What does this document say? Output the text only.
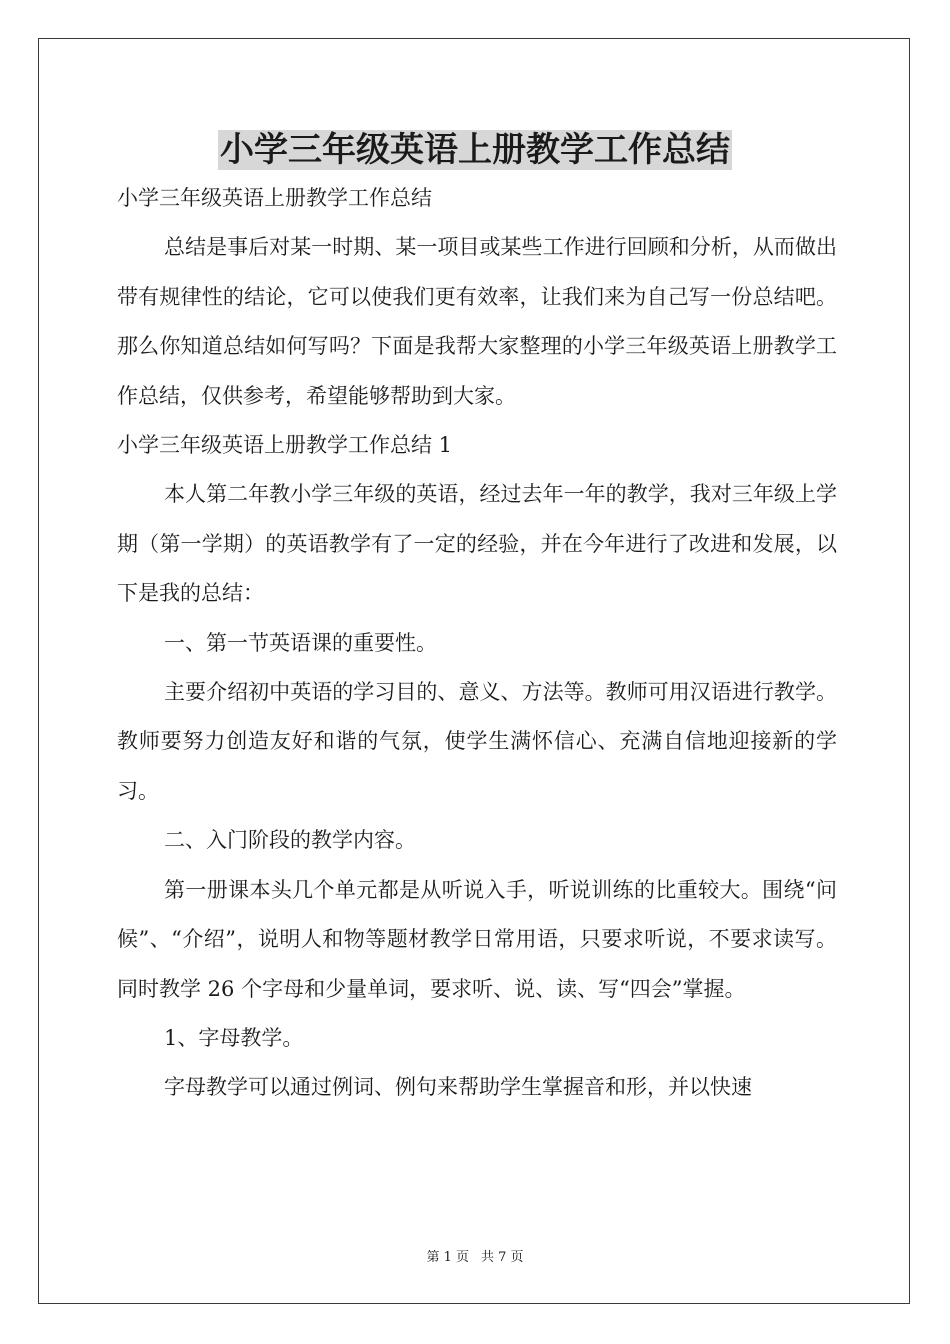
小学三年级英语上册教学工作总结

小学三年级英语上册教学工作总结

总结是事后对某一时期、某一项目或某些工作进行回顾和分析，从而做出带有规律性的结论，它可以使我们更有效率，让我们来为自己写一份总结吧。那么你知道总结如何写吗？下面是我帮大家整理的小学三年级英语上册教学工作总结，仅供参考，希望能够帮助到大家。

小学三年级英语上册教学工作总结 1

本人第二年教小学三年级的英语，经过去年一年的教学，我对三年级上学期（第一学期）的英语教学有了一定的经验，并在今年进行了改进和发展，以下是我的总结：

一、第一节英语课的重要性。

主要介绍初中英语的学习目的、意义、方法等。教师可用汉语进行教学。教师要努力创造友好和谐的气氛，使学生满怀信心、充满自信地迎接新的学习。

二、入门阶段的教学内容。

第一册课本头几个单元都是从听说入手，听说训练的比重较大。围绕“问候”、“介绍”，说明人和物等题材教学日常用语，只要求听说，不要求读写。同时教学 26 个字母和少量单词，要求听、说、读、写“四会”掌握。

1、字母教学。

字母教学可以通过例词、例句来帮助学生掌握音和形，并以快速

第 1 页 共 7 页
